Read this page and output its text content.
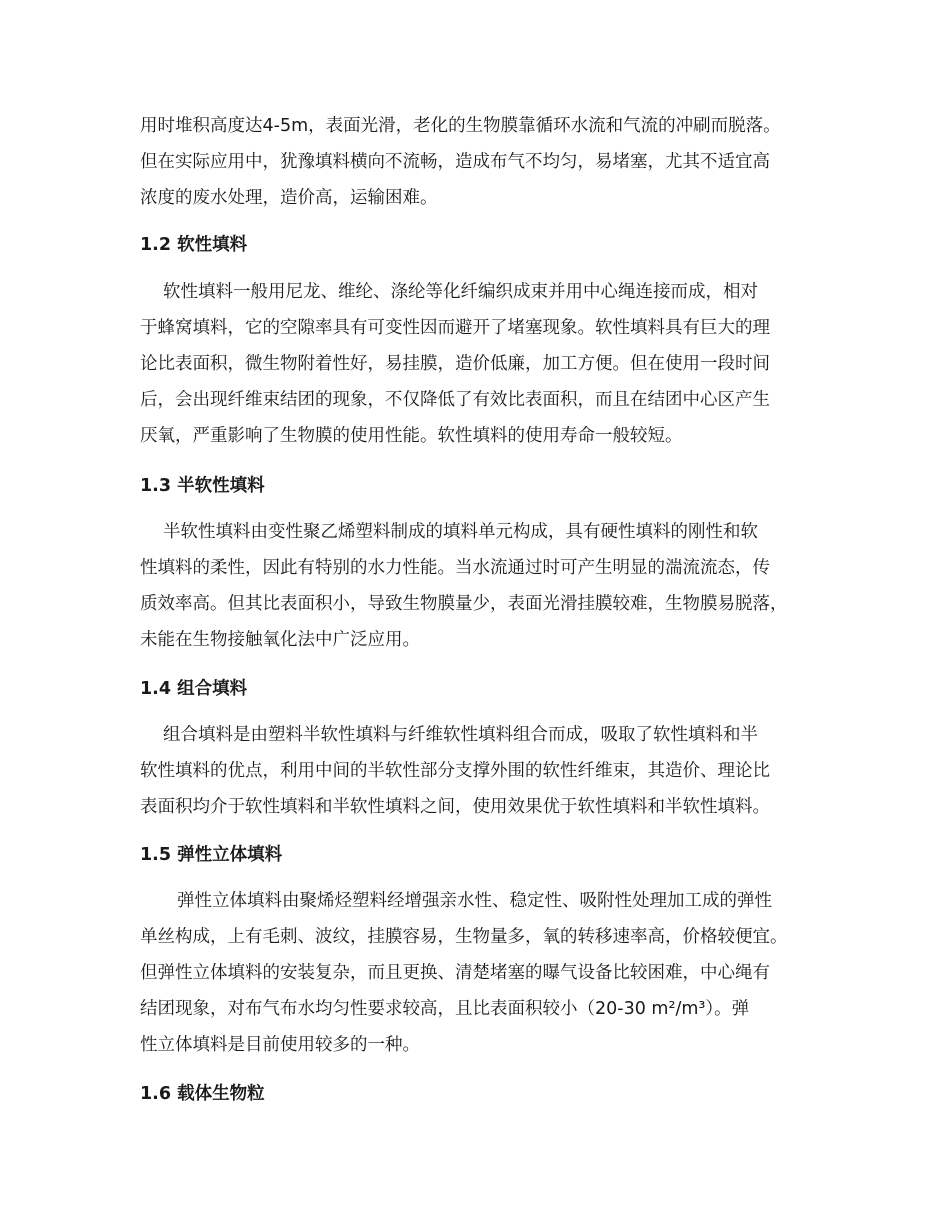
用时堆积高度达4-5m，表面光滑，老化的生物膜靠循环水流和气流的冲刷而脱落。
但在实际应用中，犹豫填料横向不流畅，造成布气不均匀，易堵塞，尤其不适宜高
浓度的废水处理，造价高，运输困难。
1.2 软性填料
软性填料一般用尼龙、维纶、涤纶等化纤编织成束并用中心绳连接而成，相对
于蜂窝填料，它的空隙率具有可变性因而避开了堵塞现象。软性填料具有巨大的理
论比表面积，微生物附着性好，易挂膜，造价低廉，加工方便。但在使用一段时间
后，会出现纤维束结团的现象，不仅降低了有效比表面积，而且在结团中心区产生
厌氧，严重影响了生物膜的使用性能。软性填料的使用寿命一般较短。
1.3 半软性填料
半软性填料由变性聚乙烯塑料制成的填料单元构成，具有硬性填料的刚性和软
性填料的柔性，因此有特别的水力性能。当水流通过时可产生明显的湍流流态，传
质效率高。但其比表面积小，导致生物膜量少，表面光滑挂膜较难，生物膜易脱落，
未能在生物接触氧化法中广泛应用。
1.4 组合填料
组合填料是由塑料半软性填料与纤维软性填料组合而成，吸取了软性填料和半
软性填料的优点，利用中间的半软性部分支撑外围的软性纤维束，其造价、理论比
表面积均介于软性填料和半软性填料之间，使用效果优于软性填料和半软性填料。
1.5 弹性立体填料
弹性立体填料由聚烯烃塑料经增强亲水性、稳定性、吸附性处理加工成的弹性
单丝构成，上有毛刺、波纹，挂膜容易，生物量多，氧的转移速率高，价格较便宜。
但弹性立体填料的安装复杂，而且更换、清楚堵塞的曝气设备比较困难，中心绳有
结团现象，对布气布水均匀性要求较高，且比表面积较小（20-30 m²/m³）。弹
性立体填料是目前使用较多的一种。
1.6 载体生物粒
